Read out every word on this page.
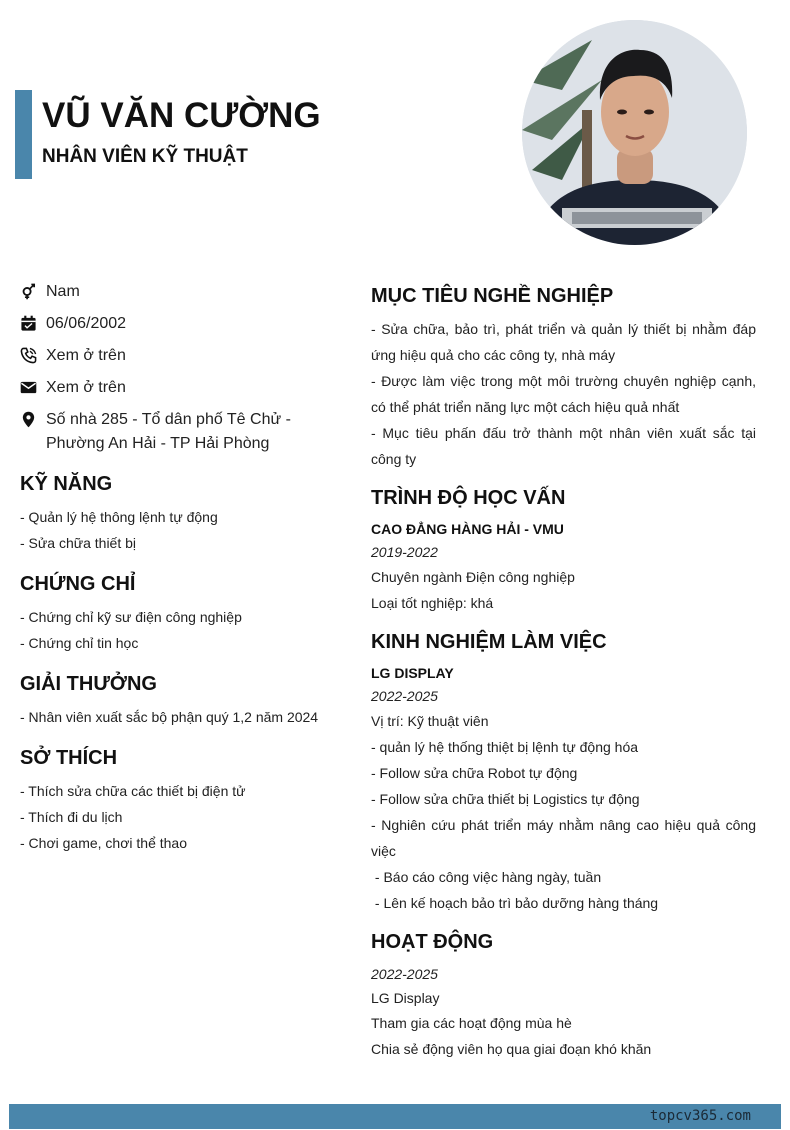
VŨ VĂN CƯỜNG
NHÂN VIÊN KỸ THUẬT
Nam
06/06/2002
Xem ở trên
Xem ở trên
Số nhà 285 - Tổ dân phố Tê Chử - Phường An Hải - TP Hải Phòng
KỸ NĂNG
- Quản lý hệ thông lệnh tự động
- Sửa chữa thiết bị
CHỨNG CHỈ
- Chứng chỉ kỹ sư điện công nghiệp
- Chứng chỉ tin học
GIẢI THƯỞNG
- Nhân viên xuất sắc bộ phận quý 1,2 năm 2024
SỞ THÍCH
- Thích sửa chữa các thiết bị điện tử
- Thích đi du lịch
- Chơi game, chơi thể thao
MỤC TIÊU NGHỀ NGHIỆP
- Sửa chữa, bảo trì, phát triển và quản lý thiết bị nhằm đáp ứng hiệu quả cho các công ty, nhà máy
- Được làm việc trong một môi trường chuyên nghiệp cạnh, có thể phát triển năng lực một cách hiệu quả nhất
- Mục tiêu phấn đấu trở thành một nhân viên xuất sắc tại công ty
TRÌNH ĐỘ HỌC VẤN
CAO ĐẲNG HÀNG HẢI - VMU
2019-2022
Chuyên ngành Điện công nghiệp
Loại tốt nghiệp: khá
KINH NGHIỆM LÀM VIỆC
LG DISPLAY
2022-2025
Vị trí: Kỹ thuật viên
- quản lý hệ thống thiệt bị lệnh tự động hóa
- Follow sửa chữa Robot tự động
- Follow sửa chữa thiết bị Logistics tự động
- Nghiên cứu phát triển máy nhằm nâng cao hiệu quả công việc
- Báo cáo công việc hàng ngày, tuần
- Lên kế hoạch bảo trì bảo dưỡng hàng tháng
HOẠT ĐỘNG
2022-2025
LG Display
Tham gia các hoạt động mùa hè
Chia sẻ động viên họ qua giai đoạn khó khăn
topcv365.com
